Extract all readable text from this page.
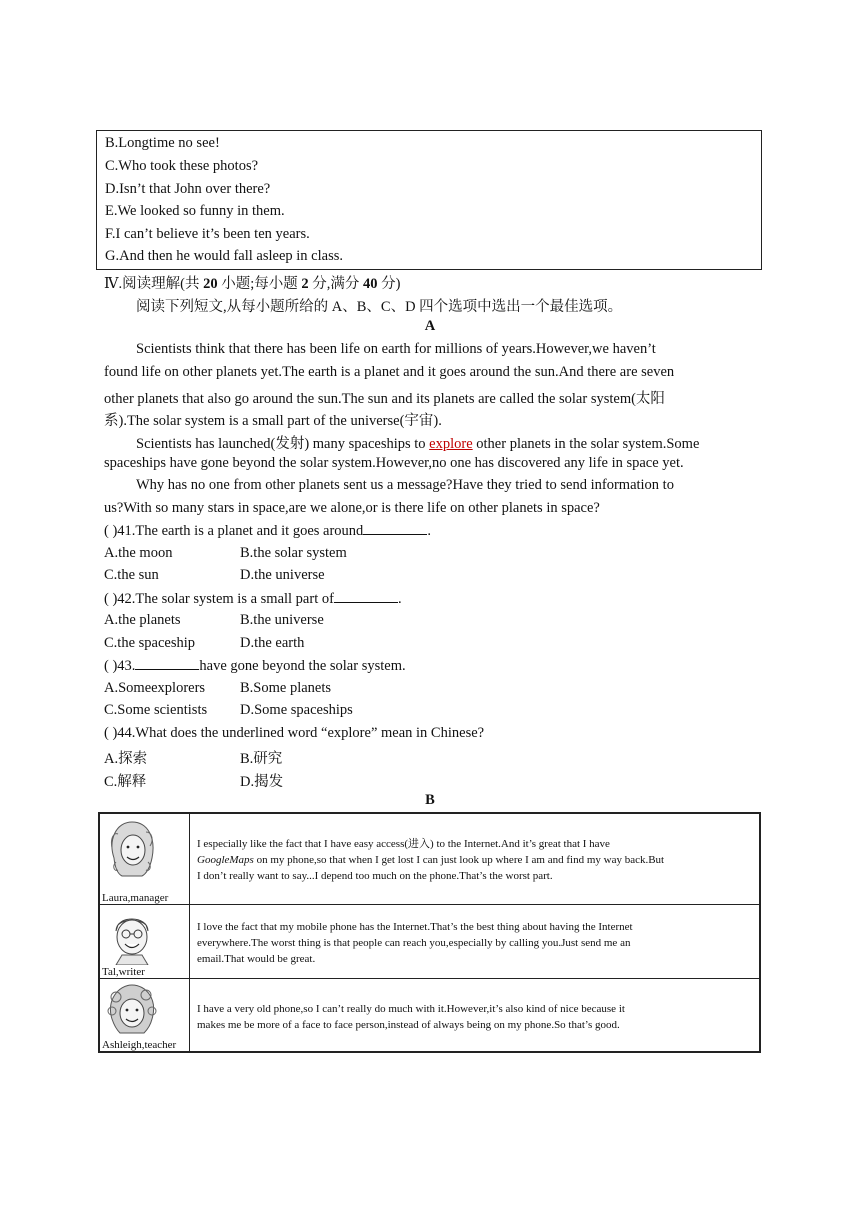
B.Longtime no see!
C.Who took these photos?
D.Isn’t that John over there?
E.We looked so funny in them.
F.I can’t believe it’s been ten years.
G.And then he would fall asleep in class.
Ⅳ.阅读理解(共 20 小题;每小题 2 分,满分 40 分)
阅读下列短文,从每小题所给的 A、B、C、D 四个选项中选出一个最佳选项。
A
Scientists think that there has been life on earth for millions of years.However,we haven’t
found life on other planets yet.The earth is a planet and it goes around the sun.And there are seven
other planets that also go around the sun.The sun and its planets are called the solar system(太阳
系).The solar system is a small part of the universe(宇宙).
Scientists has launched(发射) many spaceships to explore other planets in the solar system.Some
spaceships have gone beyond the solar system.However,no one has discovered any life in space yet.
Why has no one from other planets sent us a message?Have they tried to send information to
us?With so many stars in space,are we alone,or is there life on other planets in space?
( )41.The earth is a planet and it goes around	.
A.the moon	B.the solar system
C.the sun	D.the universe
( )42.The solar system is a small part of	.
A.the planets	B.the universe
C.the spaceship	D.the earth
( )43.	have gone beyond the solar system.
A.Someexplorers B.Some planets
C.Some scientists D.Some spaceships
( )44.What does the underlined word “explore” mean in Chinese?
A.探索	B.研究
C.解释	D.揭发
B
Laura,manager
I especially like the fact that I have easy access(进入) to the Internet.And it’s great that I have
GoogleMaps on my phone,so that when I get lost I can just look up where I am and find my way back.But
I don’t really want to say...I depend too much on the phone.That’s the worst part.
Tal,writer
I love the fact that my mobile phone has the Internet.That’s the best thing about having the Internet
everywhere.The worst thing is that people can reach you,especially by calling you.Just send me an
email.That would be great.
Ashleigh,teacher
I have a very old phone,so I can’t really do much with it.However,it’s also kind of nice because it
makes me be more of a face to face person,instead of always being on my phone.So that’s good.
